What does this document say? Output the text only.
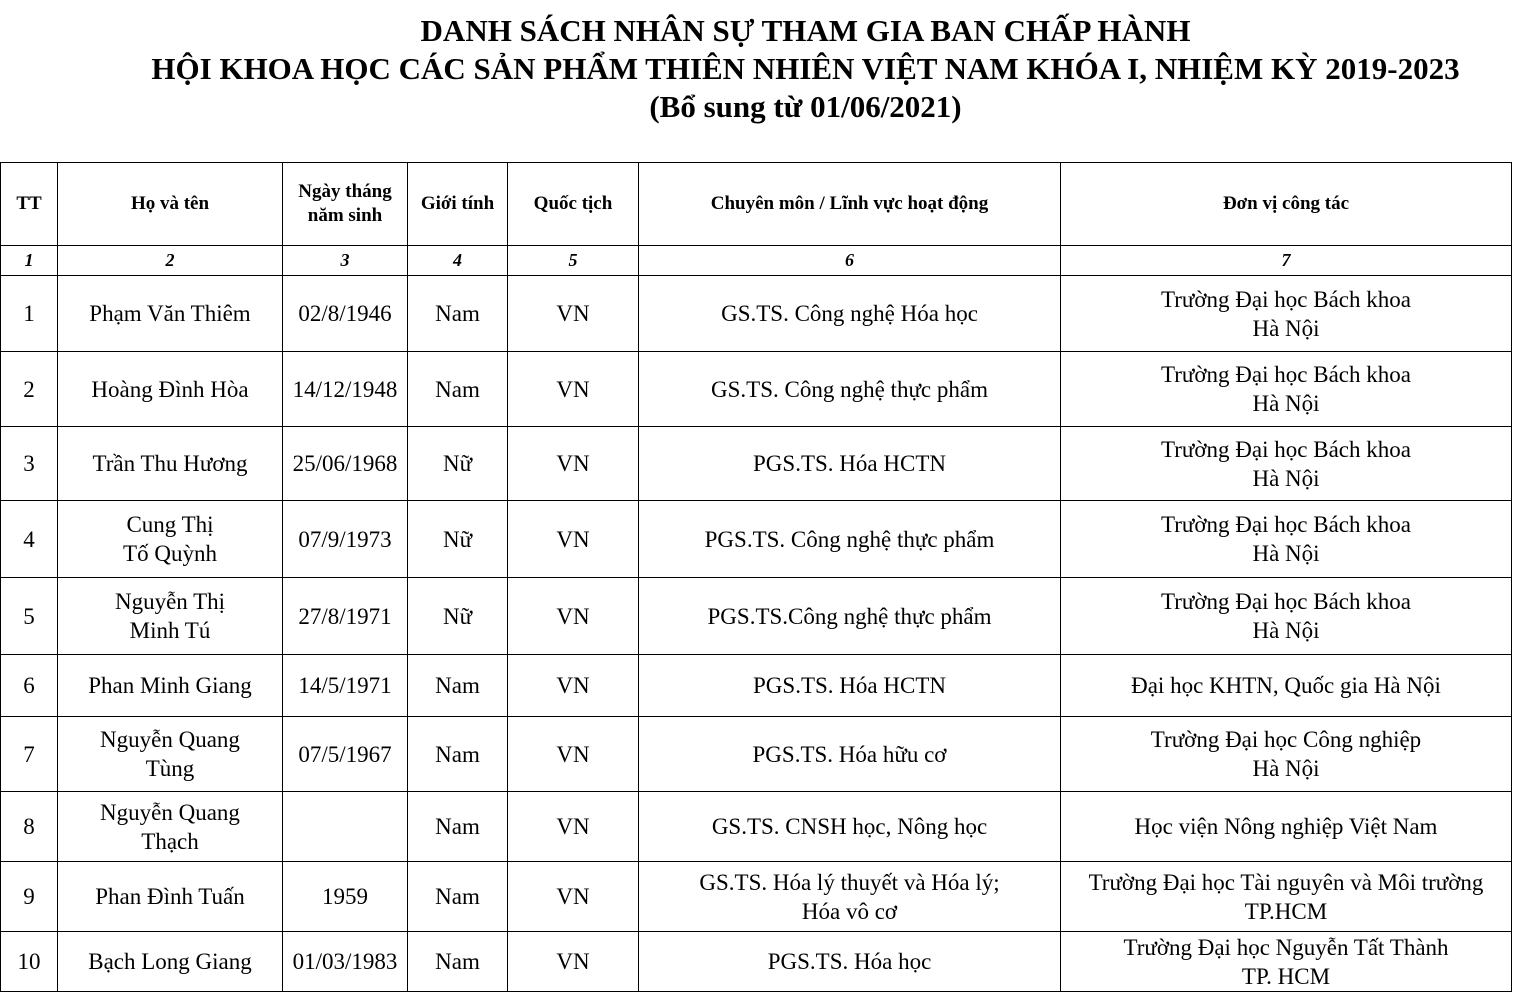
DANH SÁCH NHÂN SỰ THAM GIA BAN CHẤP HÀNH
HỘI KHOA HỌC CÁC SẢN PHẨM THIÊN NHIÊN VIỆT NAM KHÓA I, NHIỆM KỲ 2019-2023
(Bổ sung từ 01/06/2021)
TT	Họ và tên	Ngày tháng
năm sinh	Giới tính	Quốc tịch	Chuyên môn / Lĩnh vực hoạt động	Đơn vị công tác
1	2	3	4	5	6	7
1	Phạm Văn Thiêm	02/8/1946	Nam	VN	GS.TS. Công nghệ Hóa học	Trường Đại học Bách khoa
Hà Nội

2	Hoàng Đình Hòa	14/12/1948	Nam	VN	GS.TS. Công nghệ thực phẩm	Trường Đại học Bách khoa
Hà Nội

3	Trần Thu Hương	25/06/1968	Nữ	VN	PGS.TS. Hóa HCTN	Trường Đại học Bách khoa
Hà Nội

4	Cung Thị
Tố Quỳnh	07/9/1973	Nữ	VN	PGS.TS. Công nghệ thực phẩm	Trường Đại học Bách khoa
Hà Nội

5	Nguyễn Thị
Minh Tú	27/8/1971	Nữ	VN	PGS.TS.Công nghệ thực phẩm	Trường Đại học Bách khoa
Hà Nội

6	Phan Minh Giang	14/5/1971	Nam	VN	PGS.TS. Hóa HCTN	Đại học KHTN, Quốc gia Hà Nội

7	Nguyễn Quang
Tùng	07/5/1967	Nam	VN	PGS.TS. Hóa hữu cơ	Trường Đại học Công nghiệp
Hà Nội

8	Nguyễn Quang
Thạch		Nam	VN	GS.TS. CNSH học, Nông học	Học viện Nông nghiệp Việt Nam

9	Phan Đình Tuấn	1959	Nam	VN	GS.TS. Hóa lý thuyết và Hóa lý;
Hóa vô cơ	Trường Đại học Tài nguyên và Môi trường
TP.HCM

10	Bạch Long Giang	01/03/1983	Nam	VN	PGS.TS. Hóa học	Trường Đại học Nguyễn Tất Thành
TP. HCM
